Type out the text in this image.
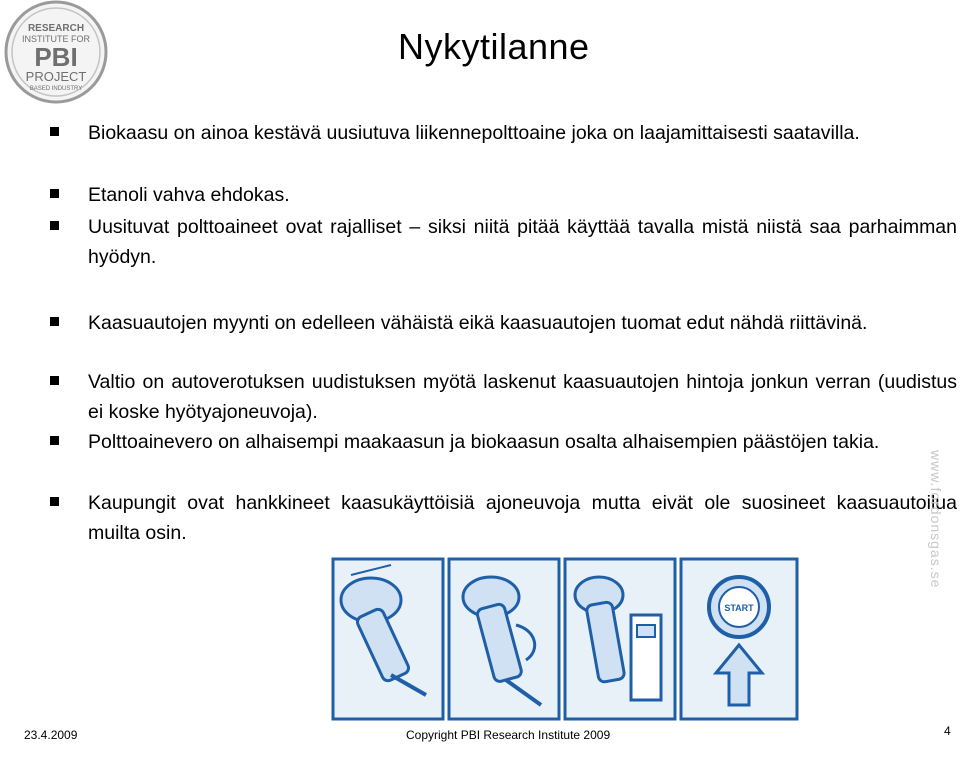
RESEARCH
INSTITUTE FOR
PBI
PROJECT
BASED INDUSTRY
Nykytilanne
Biokaasu on ainoa kestävä uusiutuva liikennepolttoaine joka on laajamittaisesti saatavilla.
Etanoli vahva ehdokas.
Uusituvat polttoaineet ovat rajalliset – siksi niitä pitää käyttää tavalla mistä niistä saa parhaimman hyödyn.
Kaasuautojen myynti on edelleen vähäistä eikä kaasuautojen tuomat edut nähdä riittävinä.
Valtio on autoverotuksen uudistuksen myötä laskenut kaasuautojen hintoja jonkun verran (uudistus ei koske hyötyajoneuvoja).
Polttoainevero on alhaisempi maakaasun ja biokaasun osalta alhaisempien päästöjen takia.
Kaupungit ovat hankkineet kaasukäyttöisiä ajoneuvoja mutta eivät ole suosineet kaasuautoilua muilta osin.	www.fordonsgas.se
START
23.4.2009	Copyright PBI Research Institute 2009	4
